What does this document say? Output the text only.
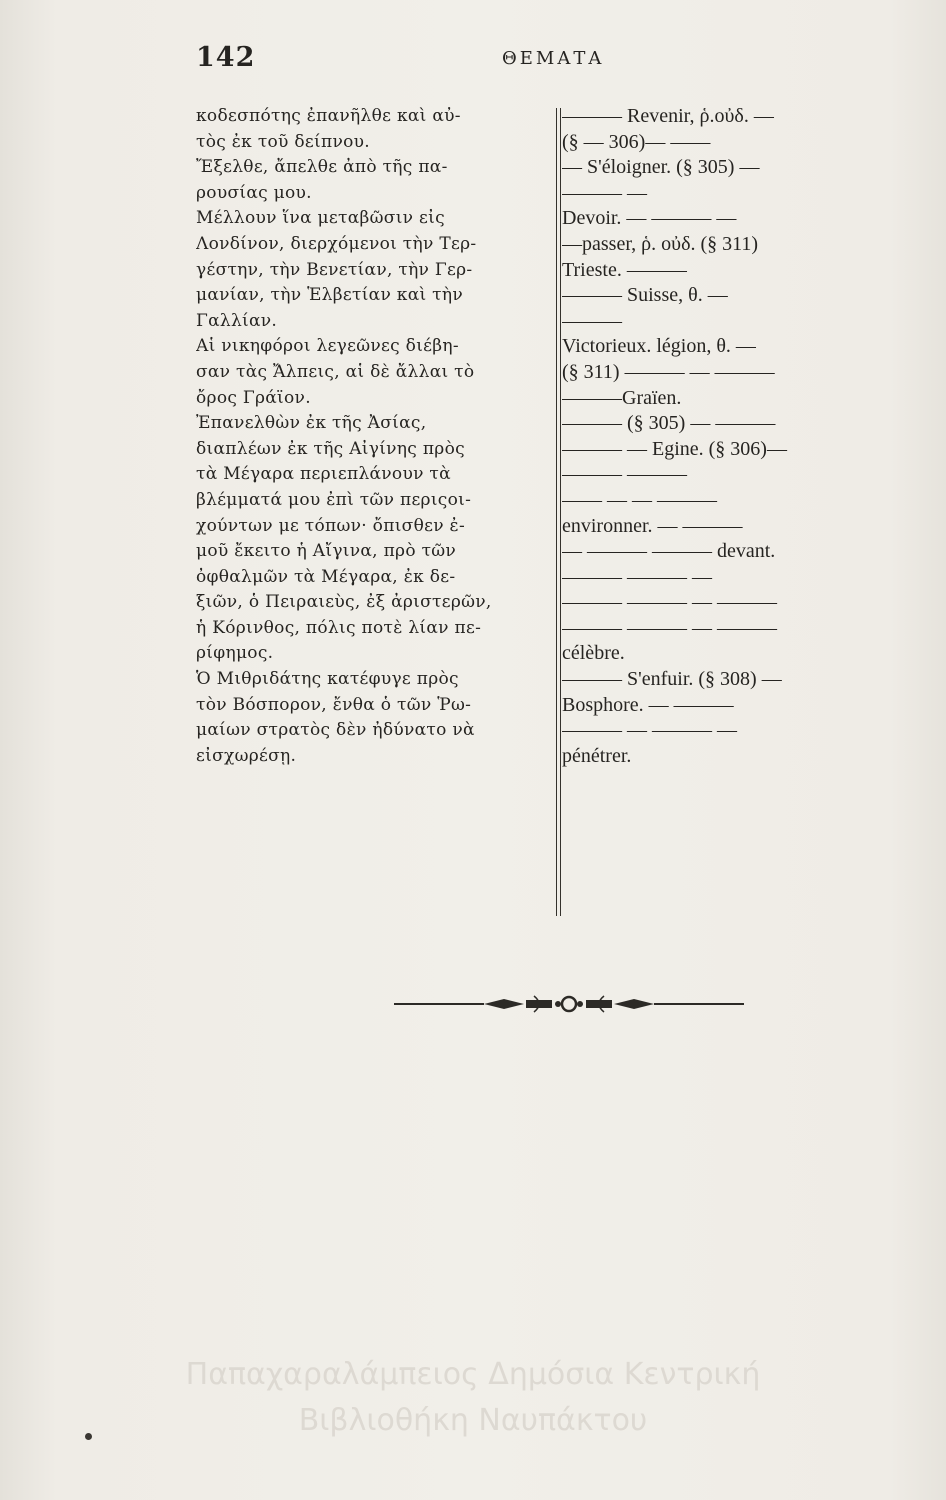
142	ΘΕΜΑΤΑ
κοδεσπότης ἐπανῆλθε καὶ αὐ-
τὸς ἐκ τοῦ δείπνου.
Ἔξελθε, ἄπελθε ἀπὸ τῆς πα-
ρουσίας μου.
Μέλλουν ἵνα μεταβῶσιν εἰς
Λονδίνον, διερχόμενοι τὴν Τερ-
γέστην, τὴν Βενετίαν, τὴν Γερ-
μανίαν, τὴν Ἑλβετίαν καὶ τὴν
Γαλλίαν.
Αἱ νικηφόροι λεγεῶνες διέβη-
σαν τὰς Ἄλπεις, αἱ δὲ ἄλλαι τὸ
ὄρος Γράϊον.
Ἐπανελθὼν ἐκ τῆς Ἀσίας,
διαπλέων ἐκ τῆς Αἰγίνης πρὸς
τὰ Μέγαρα περιεπλάνουν τὰ
βλέμματά μου ἐπὶ τῶν περιςοι-
χούντων με τόπων· ὄπισθεν ἐ-
μοῦ ἔκειτο ἡ Αἴγινα, πρὸ τῶν
ὀφθαλμῶν τὰ Μέγαρα, ἐκ δε-
ξιῶν, ὁ Πειραιεὺς, ἐξ ἀριστερῶν,
ἡ Κόρινθος, πόλις ποτὲ λίαν πε-
ρίφημος.
Ὁ Μιθριδάτης κατέφυγε πρὸς
τὸν Βόσπορον, ἔνθα ὁ τῶν Ῥω-
μαίων στρατὸς δὲν ἠδύνατο νὰ
εἰσχωρέσῃ.
——— Revenir, ῥ.οὐδ. —
(§ — 306)— ——
— S'éloigner. (§ 305) —
——— —
Devoir. — ——— —
—passer, ῥ. οὐδ. (§ 311)
Trieste. ———
——— Suisse, θ. —
———
Victorieux. légion, θ. —
(§ 311) ——— — ———
———Graïen.
——— (§ 305) — ———
——— — Egine. (§ 306)—
——— ———
—— — — ———
environner. — ———
— ——— ——— devant.
——— ——— —
——— ——— — ———
——— ——— — ———
célèbre.
——— S'enfuir. (§ 308) —
Bosphore. — ———
——— — ——— —
pénétrer.
Παπαχαραλάμπειος Δημόσια Κεντρική
Βιβλιοθήκη Ναυπάκτου
